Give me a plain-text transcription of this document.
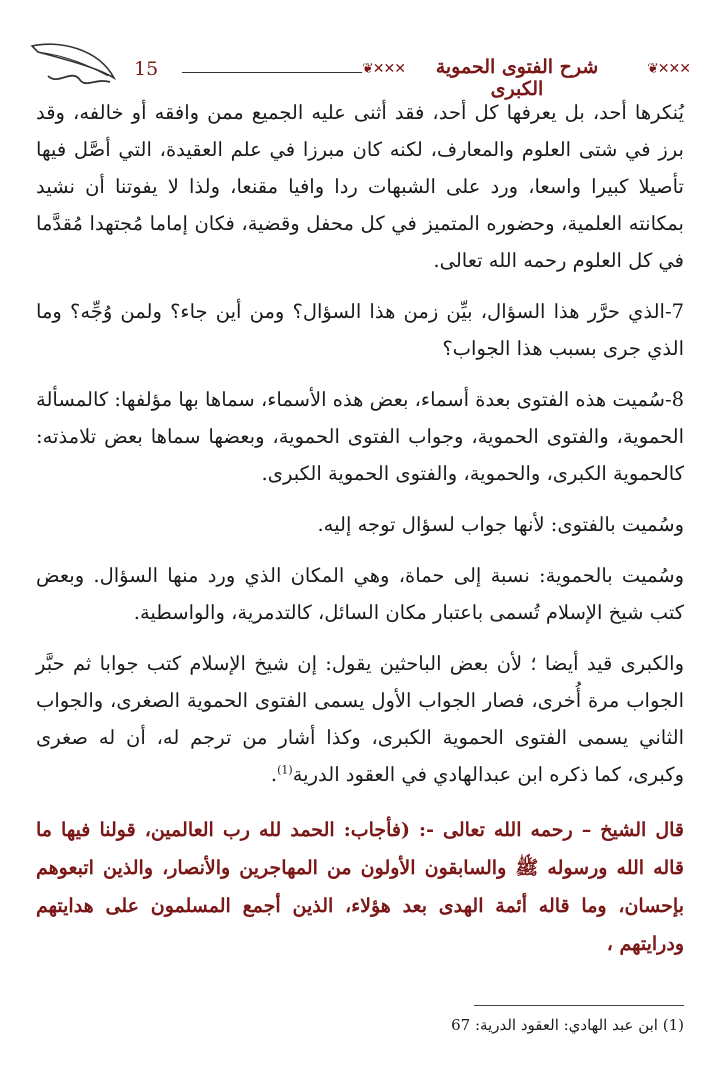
15	❦✕✕✕	شرح الفتوى الحموية الكبرى
❦✕✕✕

يُنكرها أحد، بل يعرفها كل أحد، فقد أثنى عليه الجميع ممن وافقه أو خالفه، وقد برز في شتى العلوم والمعارف، لكنه كان مبرزا في علم العقيدة، التي أصَّل فيها تأصيلا كبيرا واسعا، ورد على الشبهات ردا وافيا مقنعا، ولذا لا يفوتنا أن نشيد بمكانته العلمية، وحضوره المتميز في كل محفل وقضية، فكان إماما مُجتهدا مُقدَّما في كل العلوم رحمه الله تعالى.

7-الذي حرَّر هذا السؤال، بيِّن زمن هذا السؤال؟ ومن أين جاء؟ ولمن وُجِّه؟ وما الذي جرى بسبب هذا الجواب؟

8-سُميت هذه الفتوى بعدة أسماء، بعض هذه الأسماء، سماها بها مؤلفها: كالمسألة الحموية، والفتوى الحموية، وجواب الفتوى الحموية، وبعضها سماها بعض تلامذته: كالحموية الكبرى، والحموية، والفتوى الحموية الكبرى.

وسُميت بالفتوى: لأنها جواب لسؤال توجه إليه.

وسُميت بالحموية: نسبة إلى حماة، وهي المكان الذي ورد منها السؤال. وبعض كتب شيخ الإسلام تُسمى باعتبار مكان السائل، كالتدمرية، والواسطية.

والكبرى قيد أيضا ؛ لأن بعض الباحثين يقول: إن شيخ الإسلام كتب جوابا ثم حبَّر الجواب مرة أُخرى، فصار الجواب الأول يسمى الفتوى الحموية الصغرى، والجواب الثاني يسمى الفتوى الحموية الكبرى، وكذا أشار من ترجم له، أن له صغرى وكبرى، كما ذكره ابن عبدالهادي في العقود الدرية$^{(1)}$.

قال الشيخ – رحمه الله تعالى -: (فأجاب: الحمد لله رب العالمين، قولنا فيها ما قاله الله ورسوله ﷺ والسابقون الأولون من المهاجرين والأنصار، والذين اتبعوهم بإحسان، وما قاله أئمة الهدى بعد هؤلاء، الذين أجمع المسلمون على هدايتهم ودرايتهم ،

(1) ابن عبد الهادي: العقود الدرية: 67
